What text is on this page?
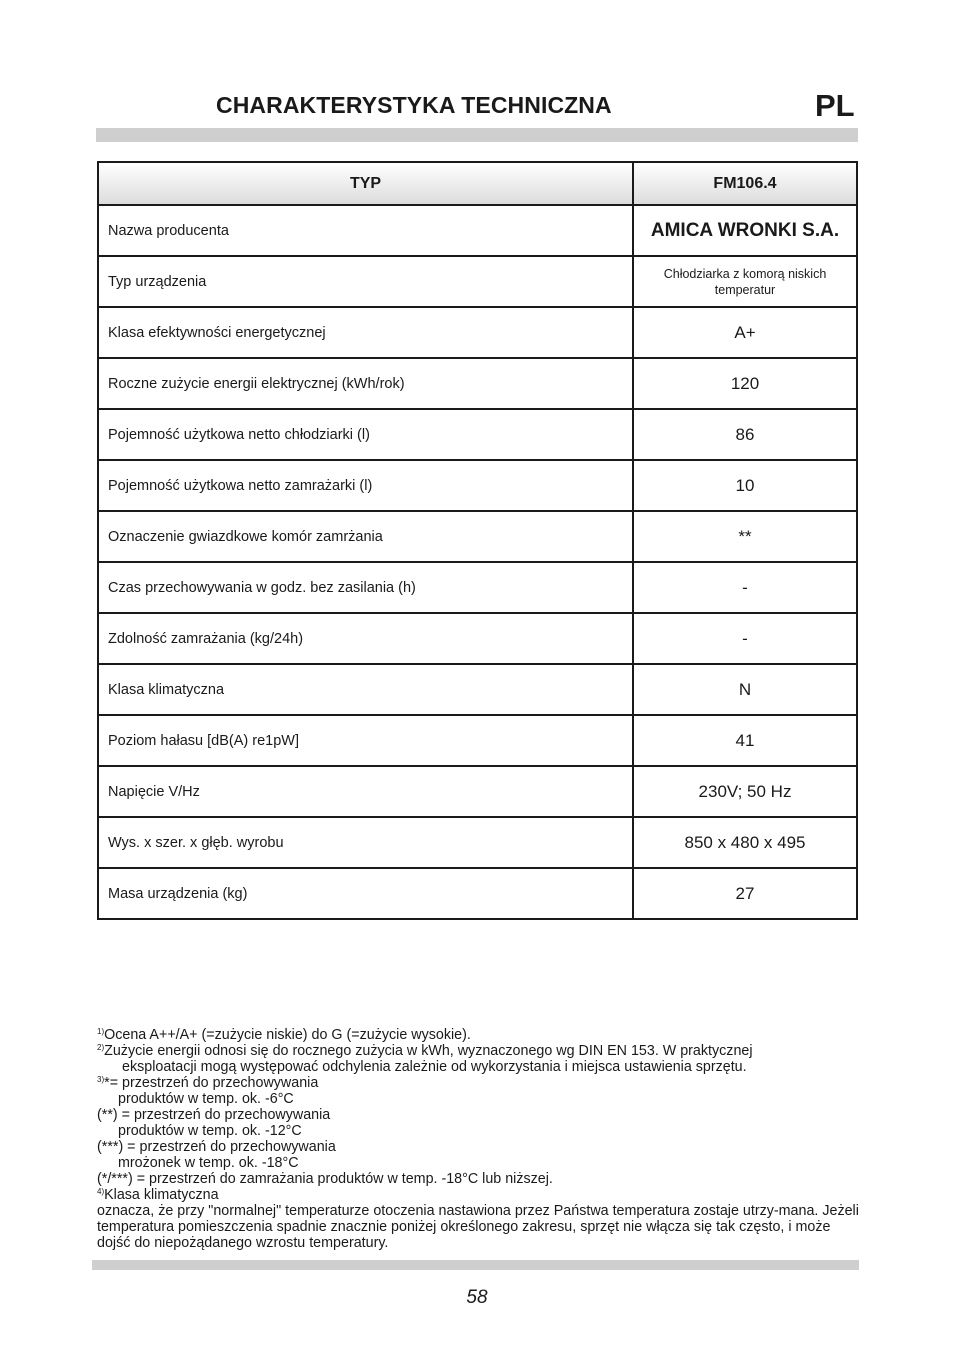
CHARAKTERYSTYKA TECHNICZNA	PL
TYP	FM106.4
Nazwa producenta	AMICA WRONKI S.A.
Typ urządzenia	Chłodziarka z komorą niskich temperatur
Klasa efektywności energetycznej	A+
Roczne zużycie energii elektrycznej (kWh/rok)	120
Pojemność użytkowa netto chłodziarki (l)	86
Pojemność użytkowa netto zamrażarki (l)	10
Oznaczenie gwiazdkowe komór zamrżania	**
Czas przechowywania w godz. bez zasilania (h)	-
Zdolność zamrażania (kg/24h)	-
Klasa klimatyczna	N
Poziom hałasu [dB(A) re1pW]	41
Napięcie V/Hz	230V; 50 Hz
Wys. x szer. x głęb. wyrobu	850 x 480 x 495
Masa urządzenia (kg)	27
$^{1)}$Ocena A++/A+ (=zużycie niskie) do G (=zużycie wysokie).
$^{2)}$Zużycie energii odnosi się do rocznego zużycia w kWh, wyznaczonego wg DIN EN 153. W praktycznej
eksploatacji mogą występować odchylenia zależnie od wykorzystania i miejsca ustawienia sprzętu.
$^{3)}$*= przestrzeń do przechowywania
produktów w temp. ok. -6°C
(**) = przestrzeń do przechowywania
produktów w temp. ok. -12°C
(***) = przestrzeń do przechowywania
mrożonek w temp. ok. -18°C
(*/***) = przestrzeń do zamrażania produktów w temp. -18°C lub niższej.
$^{4)}$Klasa klimatyczna
oznacza, że przy "normalnej" temperaturze otoczenia nastawiona przez Państwa temperatura zostaje utrzy-mana. Jeżeli temperatura pomieszczenia spadnie znacznie poniżej określonego zakresu, sprzęt nie włącza się tak często, i może dojść do niepożądanego wzrostu temperatury.
58
